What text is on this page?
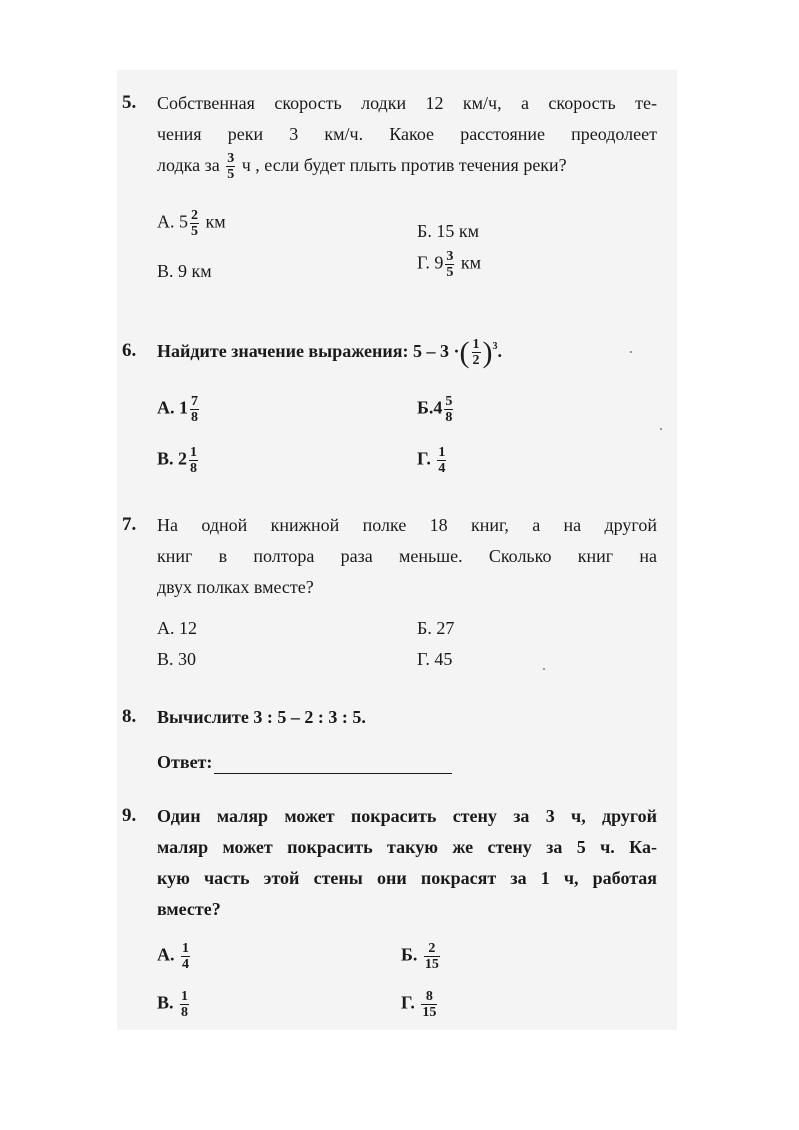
5. Собственная скорость лодки 12 км/ч, а скорость те-
чения реки 3 км/ч. Какое расстояние преодолеет
лодка за $\frac{3}{5}$ ч , если будет плыть против течения реки?
А. $5 \frac{2}{5}$ км	Б. 15 км
В. 9 км	Г. $9 \frac{3}{5}$ км
6. Найдите значение выражения: 5 – 3 ·( $\frac{1}{2} )^3$.
А. $1 \frac{7}{8}$	$Б.4 \frac{5}{8}$
В. $2 \frac{1}{8}$	Г. $\frac{1}{4}$
7. На одной книжной полке 18 книг, а на другой
книг в полтора раза меньше. Сколько книг на
двух полках вместе?
А. 12	Б. 27
В. 30	Г. 45
8. Вычислите 3 : 5 – 2 : 3 : 5.
Ответ:
9. Один маляр может покрасить стену за 3 ч, другой
маляр может покрасить такую же стену за 5 ч. Ка-
кую часть этой стены они покрасят за 1 ч, работая
вместе?
А. $\frac{1}{4}$	Б. $\frac{2}{15}$
В. $\frac{1}{8}$	Г. $\frac{8}{15}$
